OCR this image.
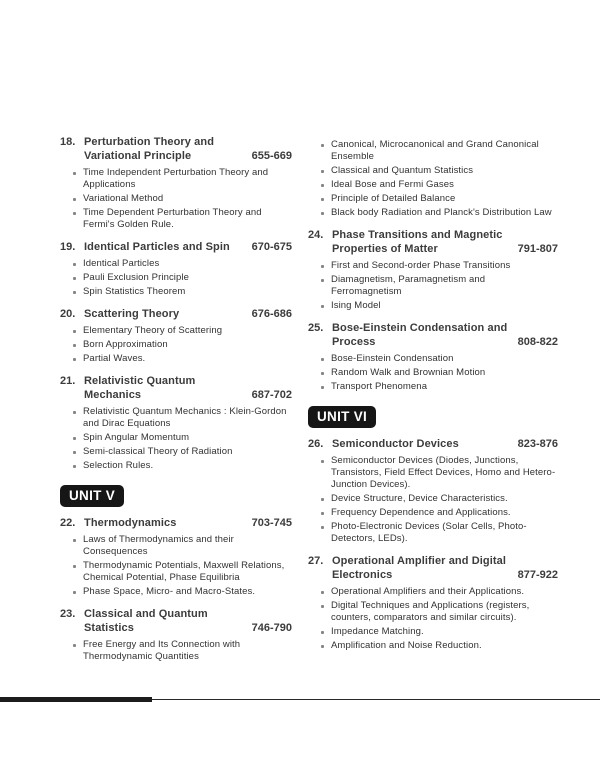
18. Perturbation Theory and Variational Principle	655-669
Time Independent Perturbation Theory and Applications
Variational Method
Time Dependent Perturbation Theory and Fermi's Golden Rule.
19. Identical Particles and Spin	670-675
Identical Particles
Pauli Exclusion Principle
Spin Statistics Theorem
20. Scattering Theory	676-686
Elementary Theory of Scattering
Born Approximation
Partial Waves.
21. Relativistic Quantum Mechanics	687-702
Relativistic Quantum Mechanics : Klein-Gordon and Dirac Equations
Spin Angular Momentum
Semi-classical Theory of Radiation
Selection Rules.
UNIT V

22. Thermodynamics	703-745
Laws of Thermodynamics and their Consequences
Thermodynamic Potentials, Maxwell Relations, Chemical Potential, Phase Equilibria
Phase Space, Micro- and Macro-States.
23. Classical and Quantum Statistics	746-790
Free Energy and Its Connection with Thermodynamic Quantities
Canonical, Microcanonical and Grand Canonical Ensemble
Classical and Quantum Statistics
Ideal Bose and Fermi Gases
Principle of Detailed Balance
Black body Radiation and Planck's Distribution Law
24. Phase Transitions and Magnetic Properties of Matter	791-807
First and Second-order Phase Transitions
Diamagnetism, Paramagnetism and Ferromagnetism
Ising Model
25. Bose-Einstein Condensation and Process	808-822
Bose-Einstein Condensation
Random Walk and Brownian Motion
Transport Phenomena
UNIT VI

26. Semiconductor Devices	823-876
Semiconductor Devices (Diodes, Junctions, Transistors, Field Effect Devices, Homo and Hetero-Junction Devices).
Device Structure, Device Characteristics.
Frequency Dependence and Applications.
Photo-Electronic Devices (Solar Cells, Photo-Detectors, LEDs).
27. Operational Amplifier and Digital Electronics	877-922
Operational Amplifiers and their Applications.
Digital Techniques and Applications (registers, counters, comparators and similar circuits).
Impedance Matching.
Amplification and Noise Reduction.
